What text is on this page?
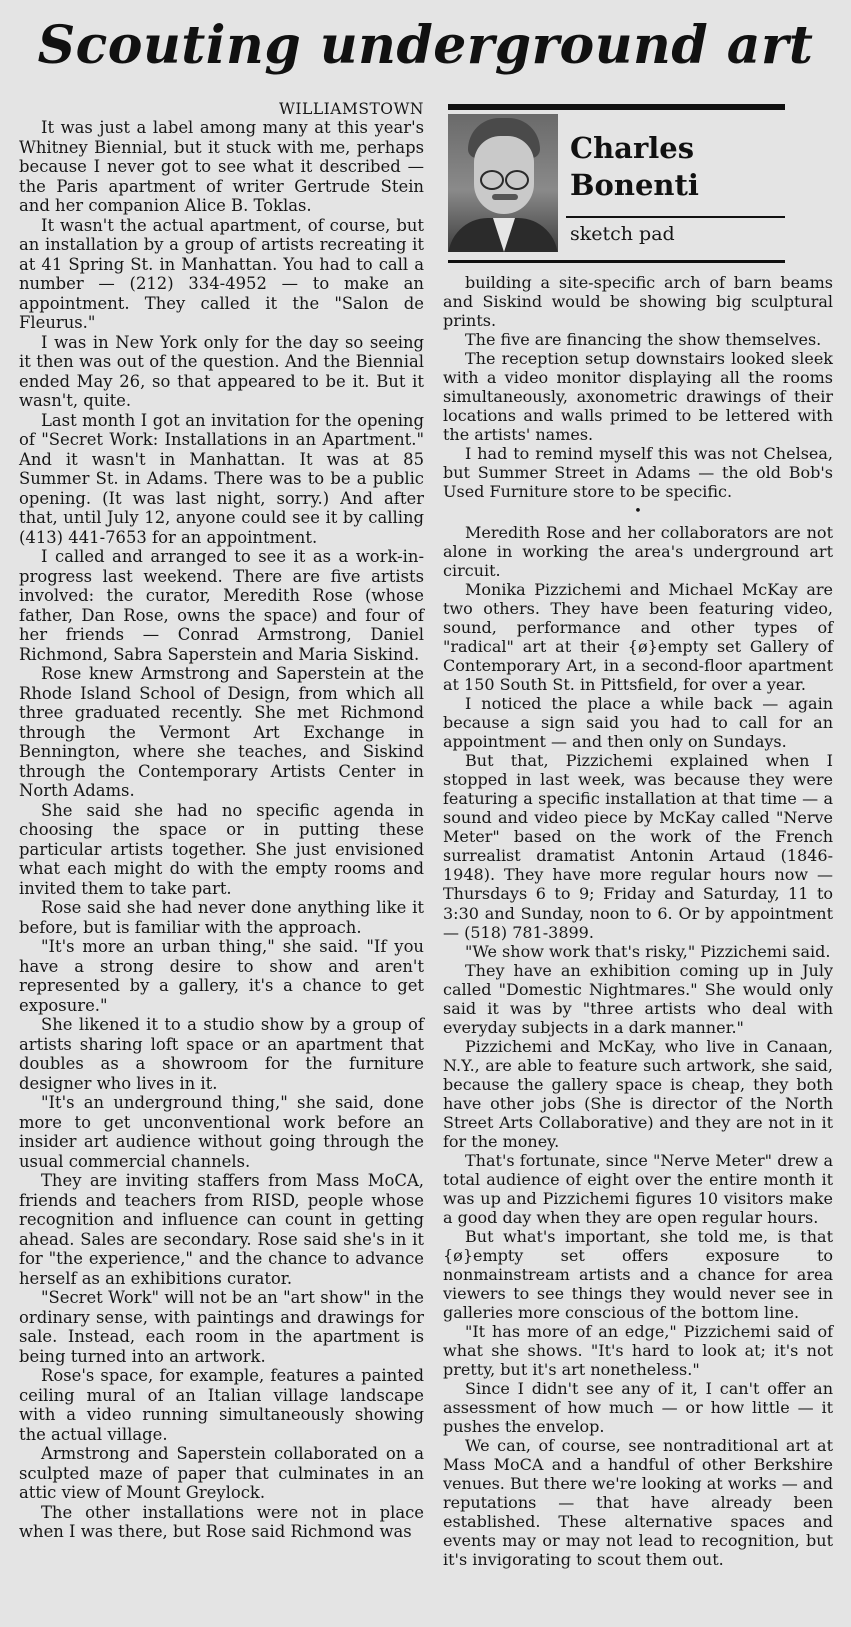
Scouting underground art
Charles
Bonenti
sketch pad
WILLIAMSTOWN

It was just a label among many at this year's Whitney Biennial, but it stuck with me, perhaps because I never got to see what it described — the Paris apartment of writer Gertrude Stein and her companion Alice B. Toklas.

It wasn't the actual apartment, of course, but an installation by a group of artists recreating it at 41 Spring St. in Manhattan. You had to call a number — (212) 334-4952 — to make an appointment. They called it the "Salon de Fleurus."

I was in New York only for the day so seeing it then was out of the question. And the Biennial ended May 26, so that appeared to be it. But it wasn't, quite.

Last month I got an invitation for the opening of "Secret Work: Installations in an Apartment." And it wasn't in Manhattan. It was at 85 Summer St. in Adams. There was to be a public opening. (It was last night, sorry.) And after that, until July 12, anyone could see it by calling (413) 441-7653 for an appointment.

I called and arranged to see it as a work-in-progress last weekend. There are five artists involved: the curator, Meredith Rose (whose father, Dan Rose, owns the space) and four of her friends — Conrad Armstrong, Daniel Richmond, Sabra Saperstein and Maria Siskind.

Rose knew Armstrong and Saperstein at the Rhode Island School of Design, from which all three graduated recently. She met Richmond through the Vermont Art Exchange in Bennington, where she teaches, and Siskind through the Contemporary Artists Center in North Adams.

She said she had no specific agenda in choosing the space or in putting these particular artists together. She just envisioned what each might do with the empty rooms and invited them to take part.

Rose said she had never done anything like it before, but is familiar with the approach.

"It's more an urban thing," she said. "If you have a strong desire to show and aren't represented by a gallery, it's a chance to get exposure."

She likened it to a studio show by a group of artists sharing loft space or an apartment that doubles as a showroom for the furniture designer who lives in it.

"It's an underground thing," she said, done more to get unconventional work before an insider art audience without going through the usual commercial channels.

They are inviting staffers from Mass MoCA, friends and teachers from RISD, people whose recognition and influence can count in getting ahead. Sales are secondary. Rose said she's in it for "the experience," and the chance to advance herself as an exhibitions curator.

"Secret Work" will not be an "art show" in the ordinary sense, with paintings and drawings for sale. Instead, each room in the apartment is being turned into an artwork.

Rose's space, for example, features a painted ceiling mural of an Italian village landscape with a video running simultaneously showing the actual village.

Armstrong and Saperstein collaborated on a sculpted maze of paper that culminates in an attic view of Mount Greylock.

The other installations were not in place when I was there, but Rose said Richmond was

building a site-specific arch of barn beams and Siskind would be showing big sculptural prints.

The five are financing the show themselves.

The reception setup downstairs looked sleek with a video monitor displaying all the rooms simultaneously, axonometric drawings of their locations and walls primed to be lettered with the artists' names.

I had to remind myself this was not Chelsea, but Summer Street in Adams — the old Bob's Used Furniture store to be specific.

•

Meredith Rose and her collaborators are not alone in working the area's underground art circuit.

Monika Pizzichemi and Michael McKay are two others. They have been featuring video, sound, performance and other types of "radical" art at their {ø}empty set Gallery of Contemporary Art, in a second-floor apartment at 150 South St. in Pittsfield, for over a year.

I noticed the place a while back — again because a sign said you had to call for an appointment — and then only on Sundays.

But that, Pizzichemi explained when I stopped in last week, was because they were featuring a specific installation at that time — a sound and video piece by McKay called "Nerve Meter" based on the work of the French surrealist dramatist Antonin Artaud (1846-1948). They have more regular hours now — Thursdays 6 to 9; Friday and Saturday, 11 to 3:30 and Sunday, noon to 6. Or by appointment — (518) 781-3899.

"We show work that's risky," Pizzichemi said.

They have an exhibition coming up in July called "Domestic Nightmares." She would only said it was by "three artists who deal with everyday subjects in a dark manner."

Pizzichemi and McKay, who live in Canaan, N.Y., are able to feature such artwork, she said, because the gallery space is cheap, they both have other jobs (She is director of the North Street Arts Collaborative) and they are not in it for the money.

That's fortunate, since "Nerve Meter" drew a total audience of eight over the entire month it was up and Pizzichemi figures 10 visitors make a good day when they are open regular hours.

But what's important, she told me, is that {ø}empty set offers exposure to nonmainstream artists and a chance for area viewers to see things they would never see in galleries more conscious of the bottom line.

"It has more of an edge," Pizzichemi said of what she shows. "It's hard to look at; it's not pretty, but it's art nonetheless."

Since I didn't see any of it, I can't offer an assessment of how much — or how little — it pushes the envelop.

We can, of course, see nontraditional art at Mass MoCA and a handful of other Berkshire venues. But there we're looking at works — and reputations — that have already been established. These alternative spaces and events may or may not lead to recognition, but it's invigorating to scout them out.
